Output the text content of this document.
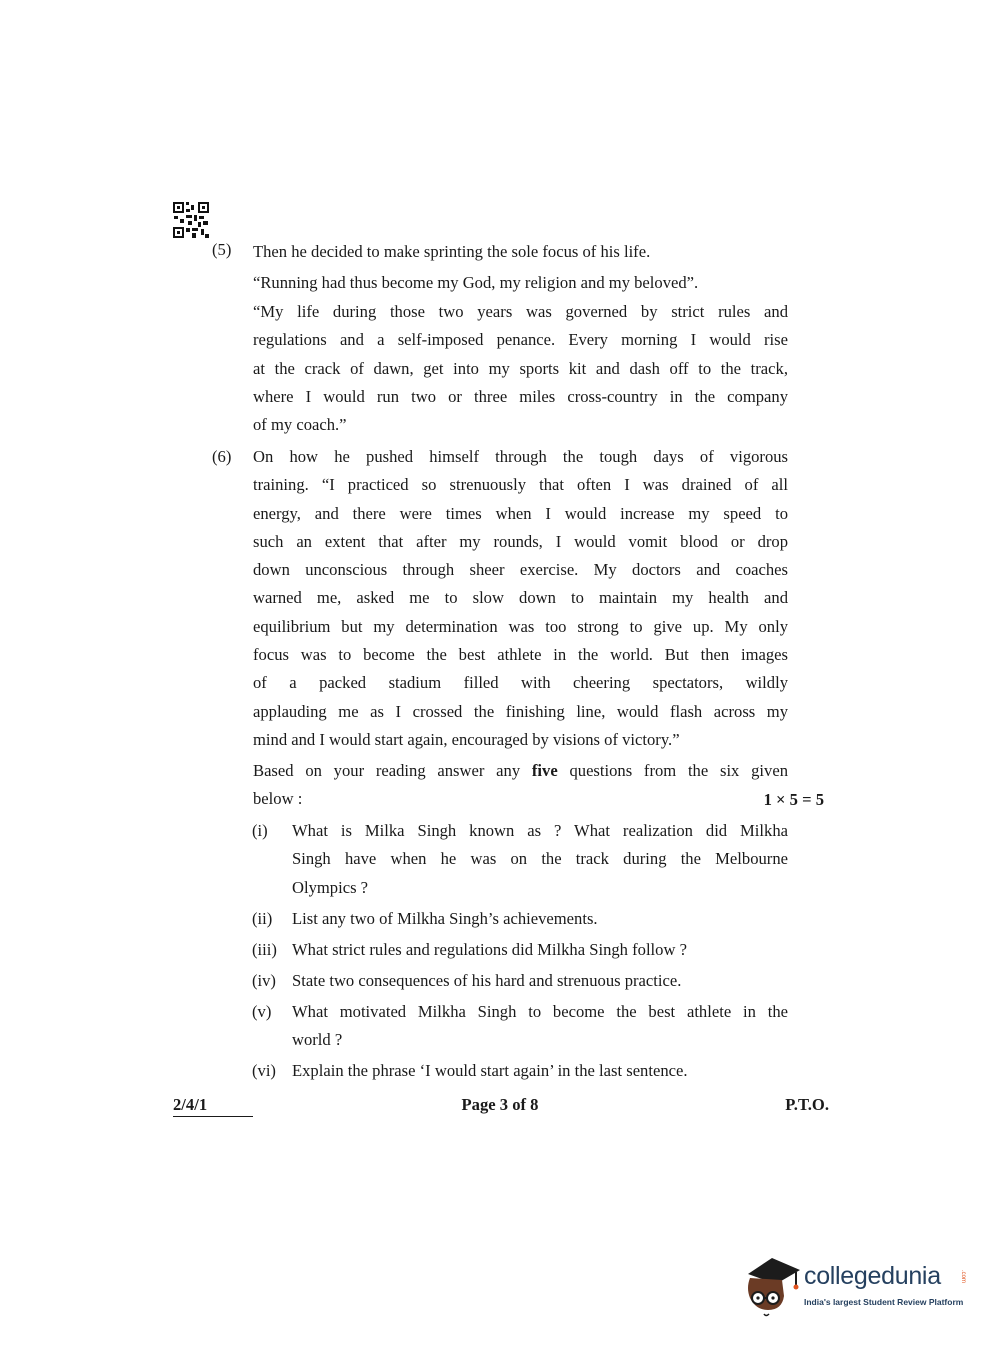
(5)	Then he decided to make sprinting the sole focus of his life.
“Running had thus become my God, my religion and my beloved”.
“My life during those two years was governed by strict rules and
regulations and a self-imposed penance. Every morning I would rise
at the crack of dawn, get into my sports kit and dash off to the track,
where I would run two or three miles cross-country in the company
of my coach.”
(6)	On how he pushed himself through the tough days of vigorous
training. “I practiced so strenuously that often I was drained of all
energy, and there were times when I would increase my speed to
such an extent that after my rounds, I would vomit blood or drop
down unconscious through sheer exercise. My doctors and coaches
warned me, asked me to slow down to maintain my health and
equilibrium but my determination was too strong to give up. My only
focus was to become the best athlete in the world. But then images
of a packed stadium filled with cheering spectators, wildly
applauding me as I crossed the finishing line, would flash across my
mind and I would start again, encouraged by visions of victory.”
Based on your reading answer any five questions from the six given
below :	1 × 5 = 5
(i)	What is Milka Singh known as ? What realization did Milkha
Singh have when he was on the track during the Melbourne
Olympics ?
(ii)	List any two of Milkha Singh’s achievements.
(iii) What strict rules and regulations did Milkha Singh follow ?
(iv) State two consequences of his hard and strenuous practice.
(v)	What motivated Milkha Singh to become the best athlete in the
world ?
(vi) Explain the phrase ‘I would start again’ in the last sentence.
2/4/1	Page 3 of 8	P.T.O.
collegedunia	.com
India's largest Student Review Platform
